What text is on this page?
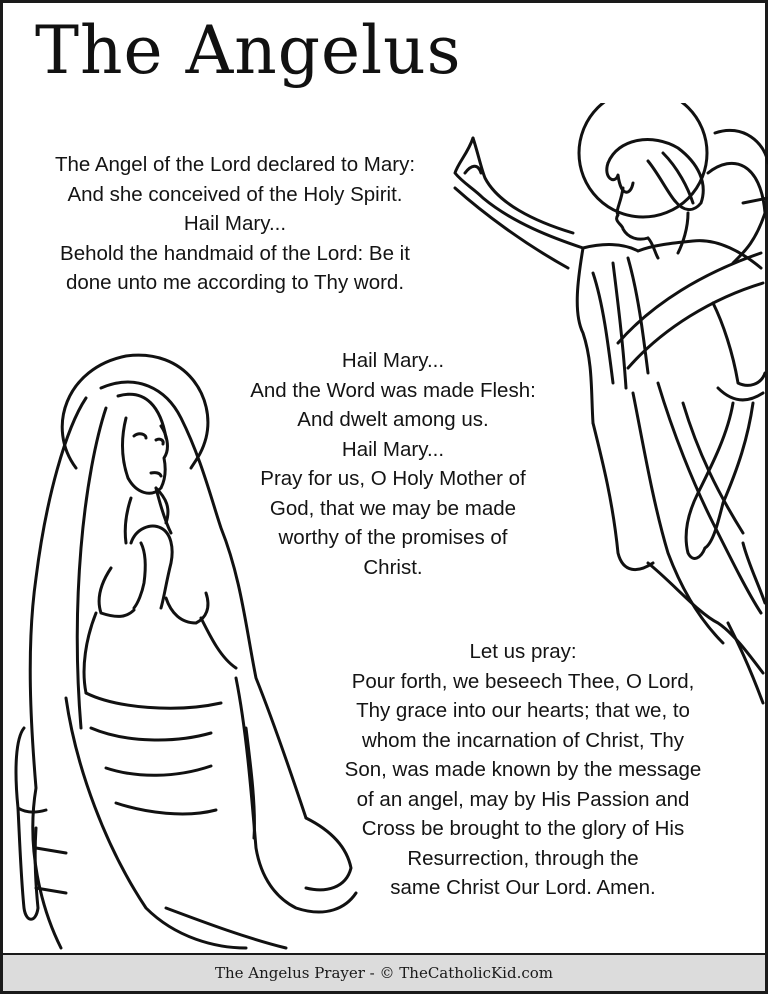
The Angelus
The Angel of the Lord declared to Mary:
And she conceived of the Holy Spirit.
Hail Mary...
Behold the handmaid of the Lord: Be it
done unto me according to Thy word.
Hail Mary...
And the Word was made Flesh:
And dwelt among us.
Hail Mary...
Pray for us, O Holy Mother of
God, that we may be made
worthy of the promises of
Christ.
Let us pray:
Pour forth, we beseech Thee, O Lord,
Thy grace into our hearts; that we, to
whom the incarnation of Christ, Thy
Son, was made known by the message
of an angel, may by His Passion and
Cross be brought to the glory of His
Resurrection, through the
same Christ Our Lord. Amen.
The Angelus Prayer - © TheCatholicKid.com
